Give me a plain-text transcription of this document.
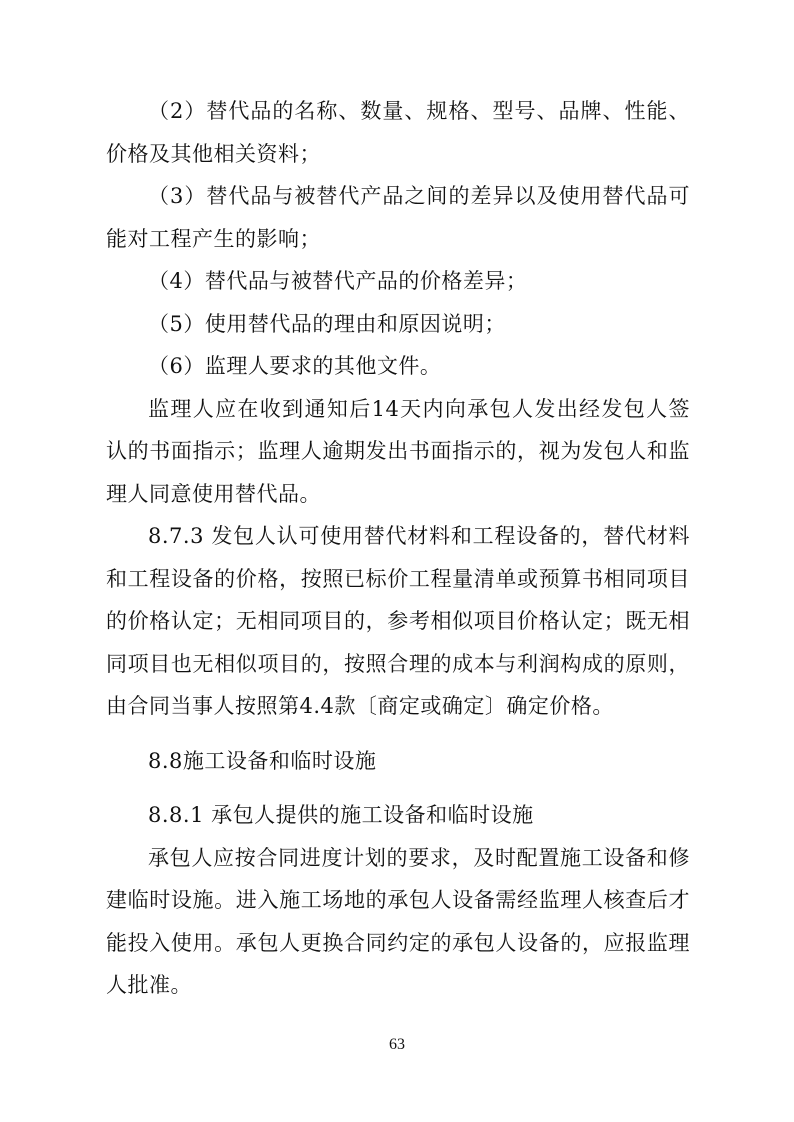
（2）替代品的名称、数量、规格、型号、品牌、性能、价格及其他相关资料；

（3）替代品与被替代产品之间的差异以及使用替代品可能对工程产生的影响；

（4）替代品与被替代产品的价格差异；

（5）使用替代品的理由和原因说明；

（6）监理人要求的其他文件。

监理人应在收到通知后14天内向承包人发出经发包人签认的书面指示；监理人逾期发出书面指示的，视为发包人和监理人同意使用替代品。

8.7.3 发包人认可使用替代材料和工程设备的，替代材料和工程设备的价格，按照已标价工程量清单或预算书相同项目的价格认定；无相同项目的，参考相似项目价格认定；既无相同项目也无相似项目的，按照合理的成本与利润构成的原则，由合同当事人按照第4.4款〔商定或确定〕确定价格。

8.8施工设备和临时设施

8.8.1 承包人提供的施工设备和临时设施

承包人应按合同进度计划的要求，及时配置施工设备和修建临时设施。进入施工场地的承包人设备需经监理人核查后才能投入使用。承包人更换合同约定的承包人设备的，应报监理人批准。

63
